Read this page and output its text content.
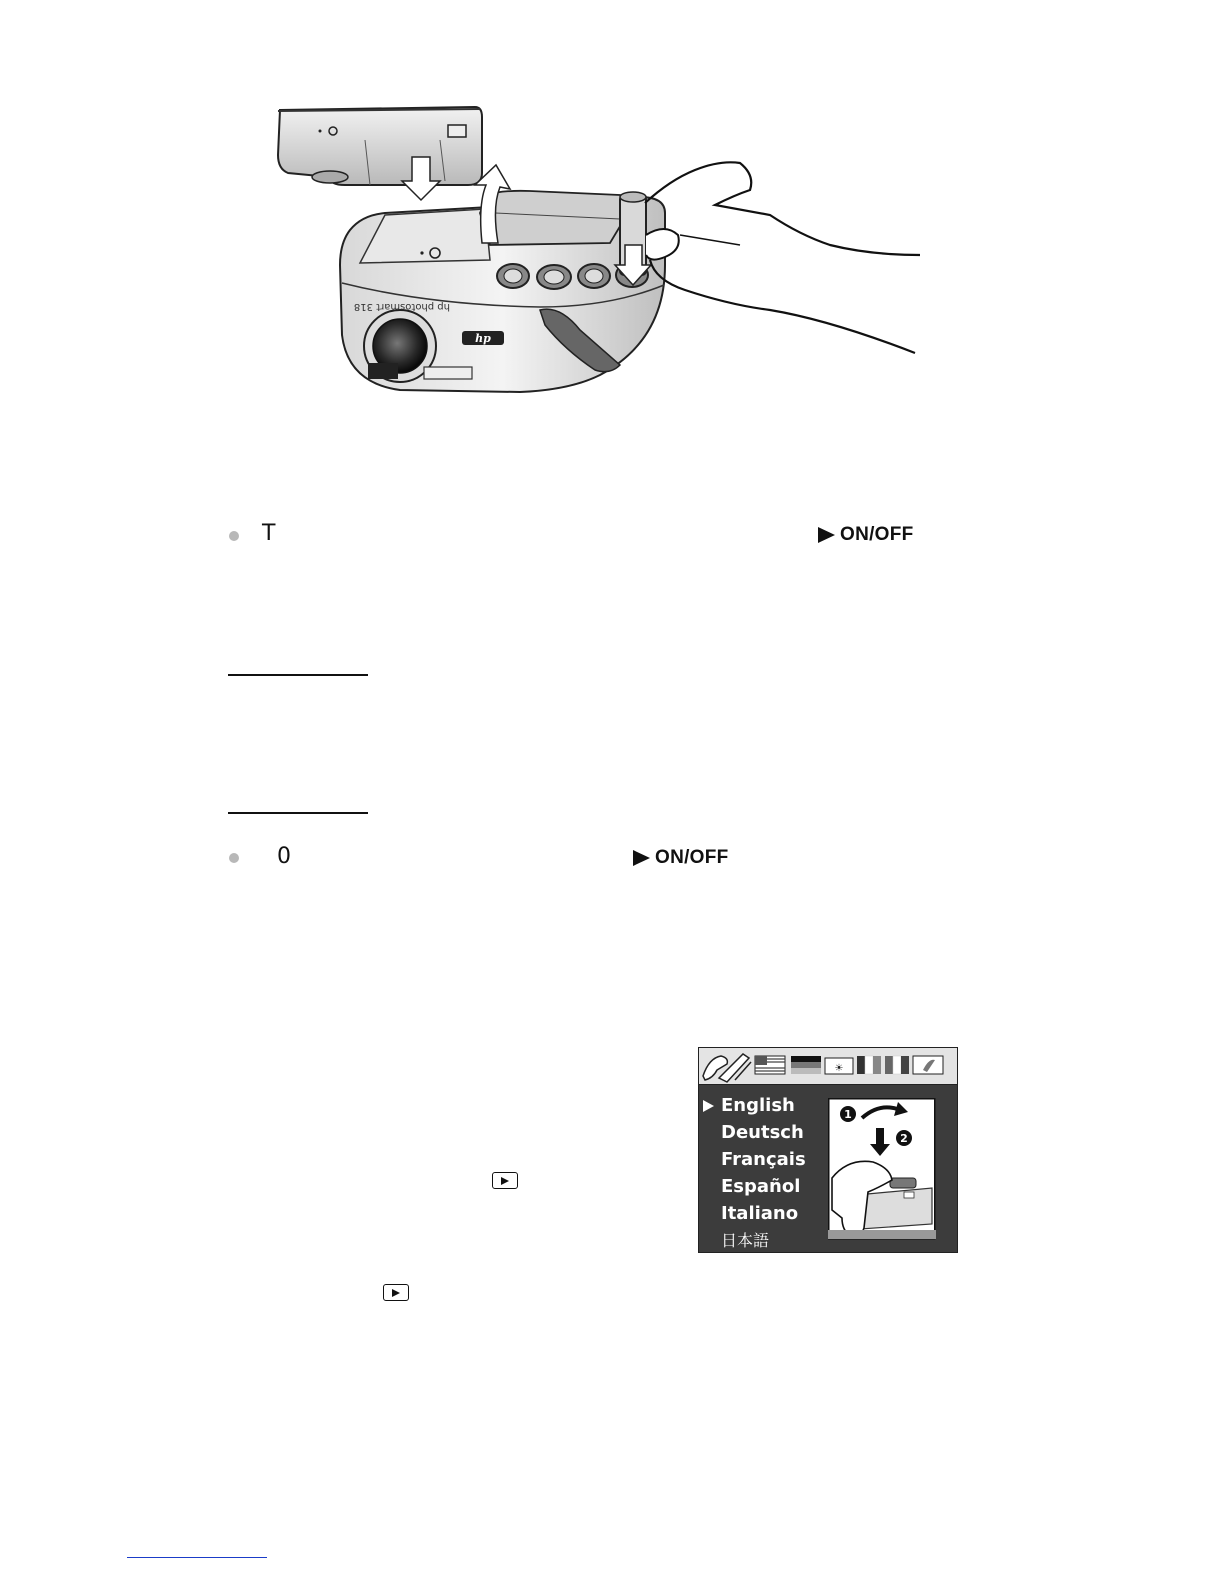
hp
hp photosmart 318
T	ON/OFF
0	ON/OFF
☀
English
Deutsch
Français
Español
Italiano
日本語
1
2
